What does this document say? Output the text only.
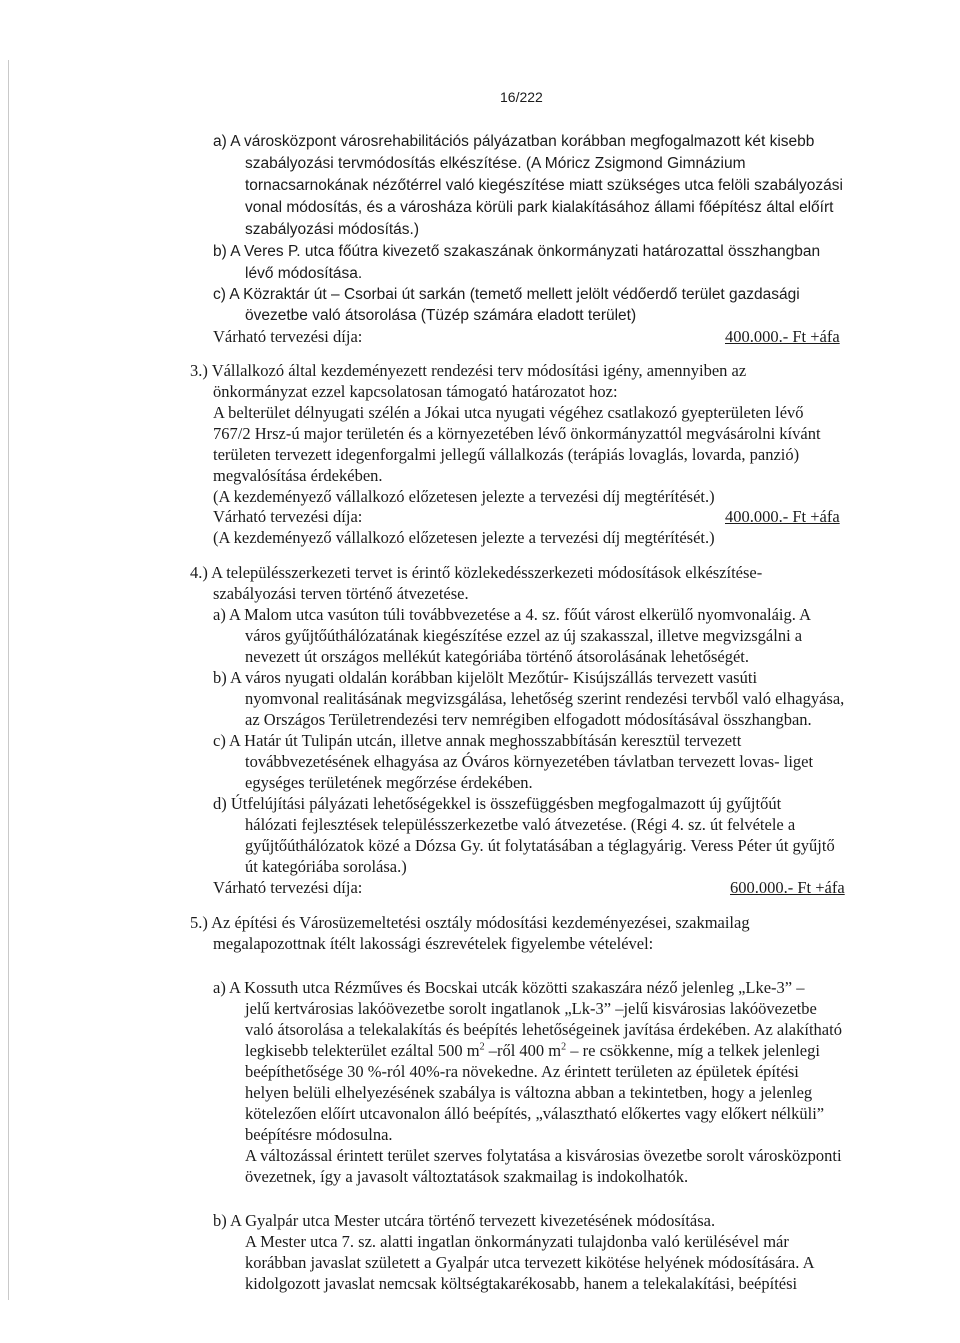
16/222
a) A városközpont városrehabilitációs pályázatban korábban megfogalmazott két kisebb
szabályozási tervmódosítás elkészítése. (A Móricz Zsigmond Gimnázium
tornacsarnokának nézőtérrel való kiegészítése miatt szükséges utca felöli szabályozási
vonal módosítás, és a városháza körüli park kialakításához állami főépítész által előírt
szabályozási módosítás.)
b) A Veres P. utca főútra kivezető szakaszának önkormányzati határozattal összhangban
lévő módosítása.
c) A Közraktár út – Csorbai út sarkán (temető mellett jelölt védőerdő terület gazdasági
övezetbe való átsorolása (Tüzép számára eladott terület)
Várható tervezési díja:	400.000.- Ft +áfa
3.) Vállalkozó által kezdeményezett rendezési terv módosítási igény, amennyiben az
önkormányzat ezzel kapcsolatosan támogató határozatot hoz:
A belterület délnyugati szélén a Jókai utca nyugati végéhez csatlakozó gyepterületen lévő
767/2 Hrsz-ú major területén és a környezetében lévő önkormányzattól megvásárolni kívánt
területen tervezett idegenforgalmi jellegű vállalkozás (terápiás lovaglás, lovarda, panzió)
megvalósítása érdekében.
(A kezdeményező vállalkozó előzetesen jelezte a tervezési díj megtérítését.)
Várható tervezési díja:	400.000.- Ft +áfa
(A kezdeményező vállalkozó előzetesen jelezte a tervezési díj megtérítését.)
4.) A településszerkezeti tervet is érintő közlekedésszerkezeti módosítások elkészítése-
szabályozási terven történő átvezetése.
a) A Malom utca vasúton túli továbbvezetése a 4. sz. főút várost elkerülő nyomvonaláig. A
város gyűjtőúthálózatának kiegészítése ezzel az új szakasszal, illetve megvizsgálni a
nevezett út országos mellékút kategóriába történő átsorolásának lehetőségét.
b) A város nyugati oldalán korábban kijelölt Mezőtúr- Kisújszállás tervezett vasúti
nyomvonal realitásának megvizsgálása, lehetőség szerint rendezési tervből való elhagyása,
az Országos Területrendezési terv nemrégiben elfogadott módosításával összhangban.
c) A Határ út Tulipán utcán, illetve annak meghosszabbításán keresztül tervezett
továbbvezetésének elhagyása az Óváros környezetében távlatban tervezett lovas- liget
egységes területének megőrzése érdekében.
d) Útfelújítási pályázati lehetőségekkel is összefüggésben megfogalmazott új gyűjtőút
hálózati fejlesztések településszerkezetbe való átvezetése. (Régi 4. sz. út felvétele a
gyűjtőúthálózatok közé a Dózsa Gy. út folytatásában a téglagyárig. Veress Péter út gyűjtő
út kategóriába sorolása.)
Várható tervezési díja:	600.000.- Ft +áfa
5.) Az építési és Városüzemeltetési osztály módosítási kezdeményezései, szakmailag
megalapozottnak ítélt lakossági észrevételek figyelembe vételével:
a) A Kossuth utca Rézműves és Bocskai utcák közötti szakaszára néző jelenleg „Lke-3” –
jelű kertvárosias lakóövezetbe sorolt ingatlanok „Lk-3” –jelű kisvárosias lakóövezetbe
való átsorolása a telekalakítás és beépítés lehetőségeinek javítása érdekében. Az alakítható
legkisebb telekterület ezáltal 500 $m^2$ –ről 400 $m^2$ – re csökkenne, míg a telkek jelenlegi
beépíthetősége 30 %-ról 40%-ra növekedne. Az érintett területen az épületek építési
helyen belüli elhelyezésének szabálya is változna abban a tekintetben, hogy a jelenleg
kötelezően előírt utcavonalon álló beépítés, „választható előkertes vagy előkert nélküli”
beépítésre módosulna.
A változással érintett terület szerves folytatása a kisvárosias övezetbe sorolt városközponti
övezetnek, így a javasolt változtatások szakmailag is indokolhatók.
b) A Gyalpár utca Mester utcára történő tervezett kivezetésének módosítása.
A Mester utca 7. sz. alatti ingatlan önkormányzati tulajdonba való kerülésével már
korábban javaslat született a Gyalpár utca tervezett kikötése helyének módosítására. A
kidolgozott javaslat nemcsak költségtakarékosabb, hanem a telekalakítási, beépítési
